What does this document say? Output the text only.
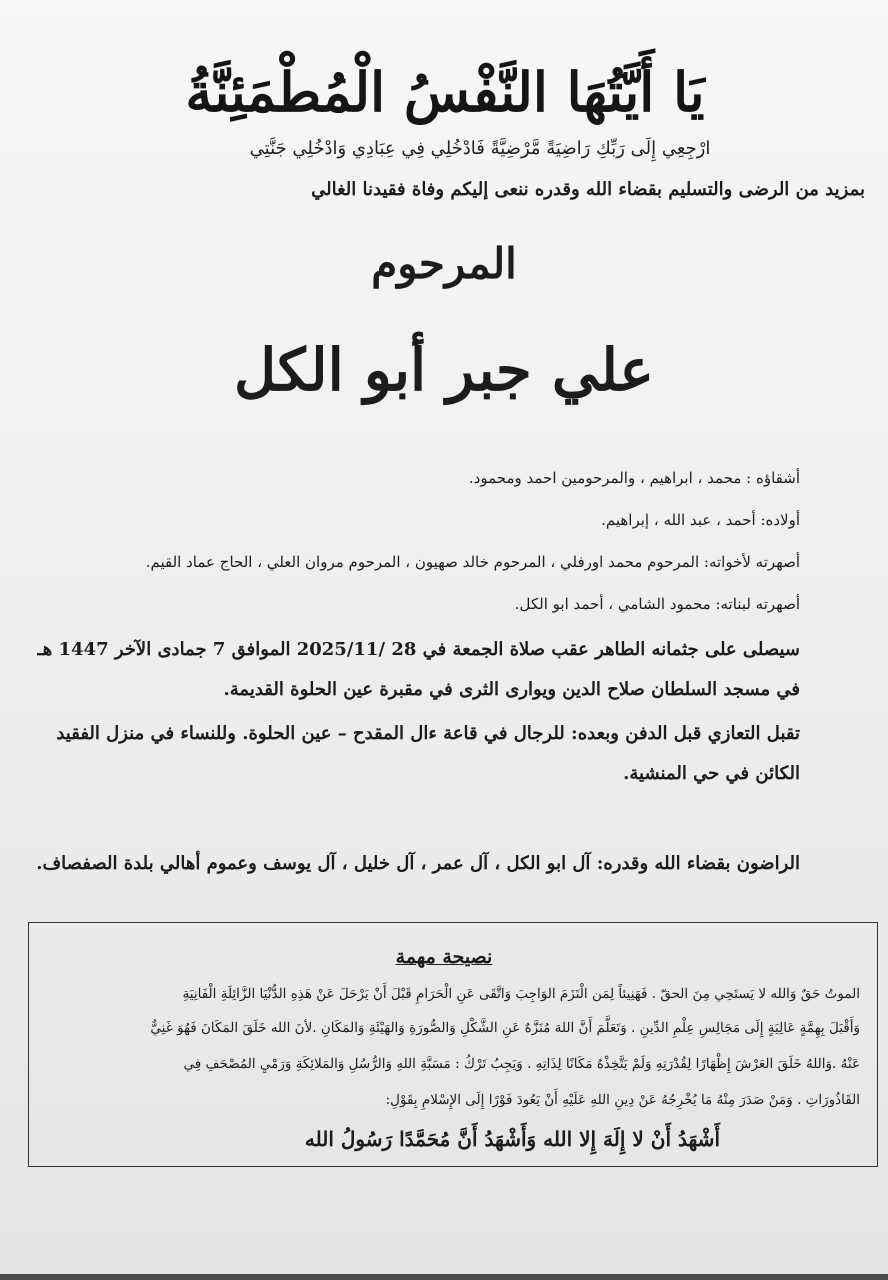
يَا أَيَّتُهَا النَّفْسُ الْمُطْمَئِنَّةُ
ارْجِعِي إِلَى رَبِّكِ رَاضِيَةً مَّرْضِيَّةً فَادْخُلِي فِي عِبَادِي وَادْخُلِي جَنَّتِي
بمزيد من الرضى والتسليم بقضاء الله وقدره ننعى إليكم وفاة فقيدنا الغالي
المرحوم
علي جبر أبو الكل
أشقاؤه : محمد ، ابراهيم ، والمرحومين احمد ومحمود.
أولاده: أحمد ، عبد الله ، إبراهيم.
أصهرته لأخواته: المرحوم محمد اورفلي ، المرحوم خالد صهيون ، المرحوم مروان العلي ، الحاج عماد القيم.
أصهرته لبناته: محمود الشامي ، أحمد ابو الكل.
سيصلى على جثمانه الطاهر عقب صلاة الجمعة في 28 /2025/11 الموافق 7 جمادى الآخر 1447 هـ
في مسجد السلطان صلاح الدين ويوارى الثرى في مقبرة عين الحلوة القديمة.
تقبل التعازي قبل الدفن وبعده: للرجال في قاعة ءال المقدح – عين الحلوة. وللنساء في منزل الفقيد
الكائن في حي المنشية.
الراضون بقضاء الله وقدره: آل ابو الكل ، آل عمر ، آل خليل ، آل يوسف وعموم أهالي بلدة الصفصاف.
نصيحة مهمة
الموتُ حَقٌ وَالله لا يَستَحِي مِنَ الحقّ . فَهَنِيئاً لِمَن الْتَزَمَ الوَاجِبَ وَاتَّقَى عَنِ الْحَرَامِ قَبْلَ أَنْ يَرْحَلَ عَنْ هَذِهِ الدُّنْيَا الزَّائِلَةِ الْفَانِيَةِ
وَأَقْبَلَ بِهِمَّةٍ عَالِيَةٍ إِلَى مَجَالِسِ عِلْمِ الدِّينِ . وَتَعَلَّمَ أَنَّ اللهَ مُنَزَّهٌ عَنِ الشَّكْلِ وَالصُّورَةِ وَالهَيْئَةِ وَالمَكَانِ .لأنَ الله خَلَقَ المَكَانَ فَهُوَ غَنِيٌّ
عَنْهُ .وَاللهُ خَلَقَ العَرْشَ إِظْهَارًا لِقُدْرَتِهِ وَلَمْ يَتَّخِذْهُ مَكَانًا لِذَاتِهِ . وَيَجِبُ تَرْكُ : مَسَبَّةِ اللهِ وَالرُّسُلِ وَالمَلائِكَةِ وَرَمْيِ المُصْحَفِ فِي
القَاذُورَاتِ . وَمَنْ صَدَرَ مِنْهُ مَا يُخْرِجُهُ عَنْ دِينِ اللهِ عَلَيْهِ أَنْ يَعُودَ فَوْرًا إِلَى الإِسْلامِ بِقَوْلِ:
أَشْهَدُ أَنْ لا إِلَهَ إِلا الله وَأَشْهَدُ أَنَّ مُحَمَّدًا رَسُولُ الله
